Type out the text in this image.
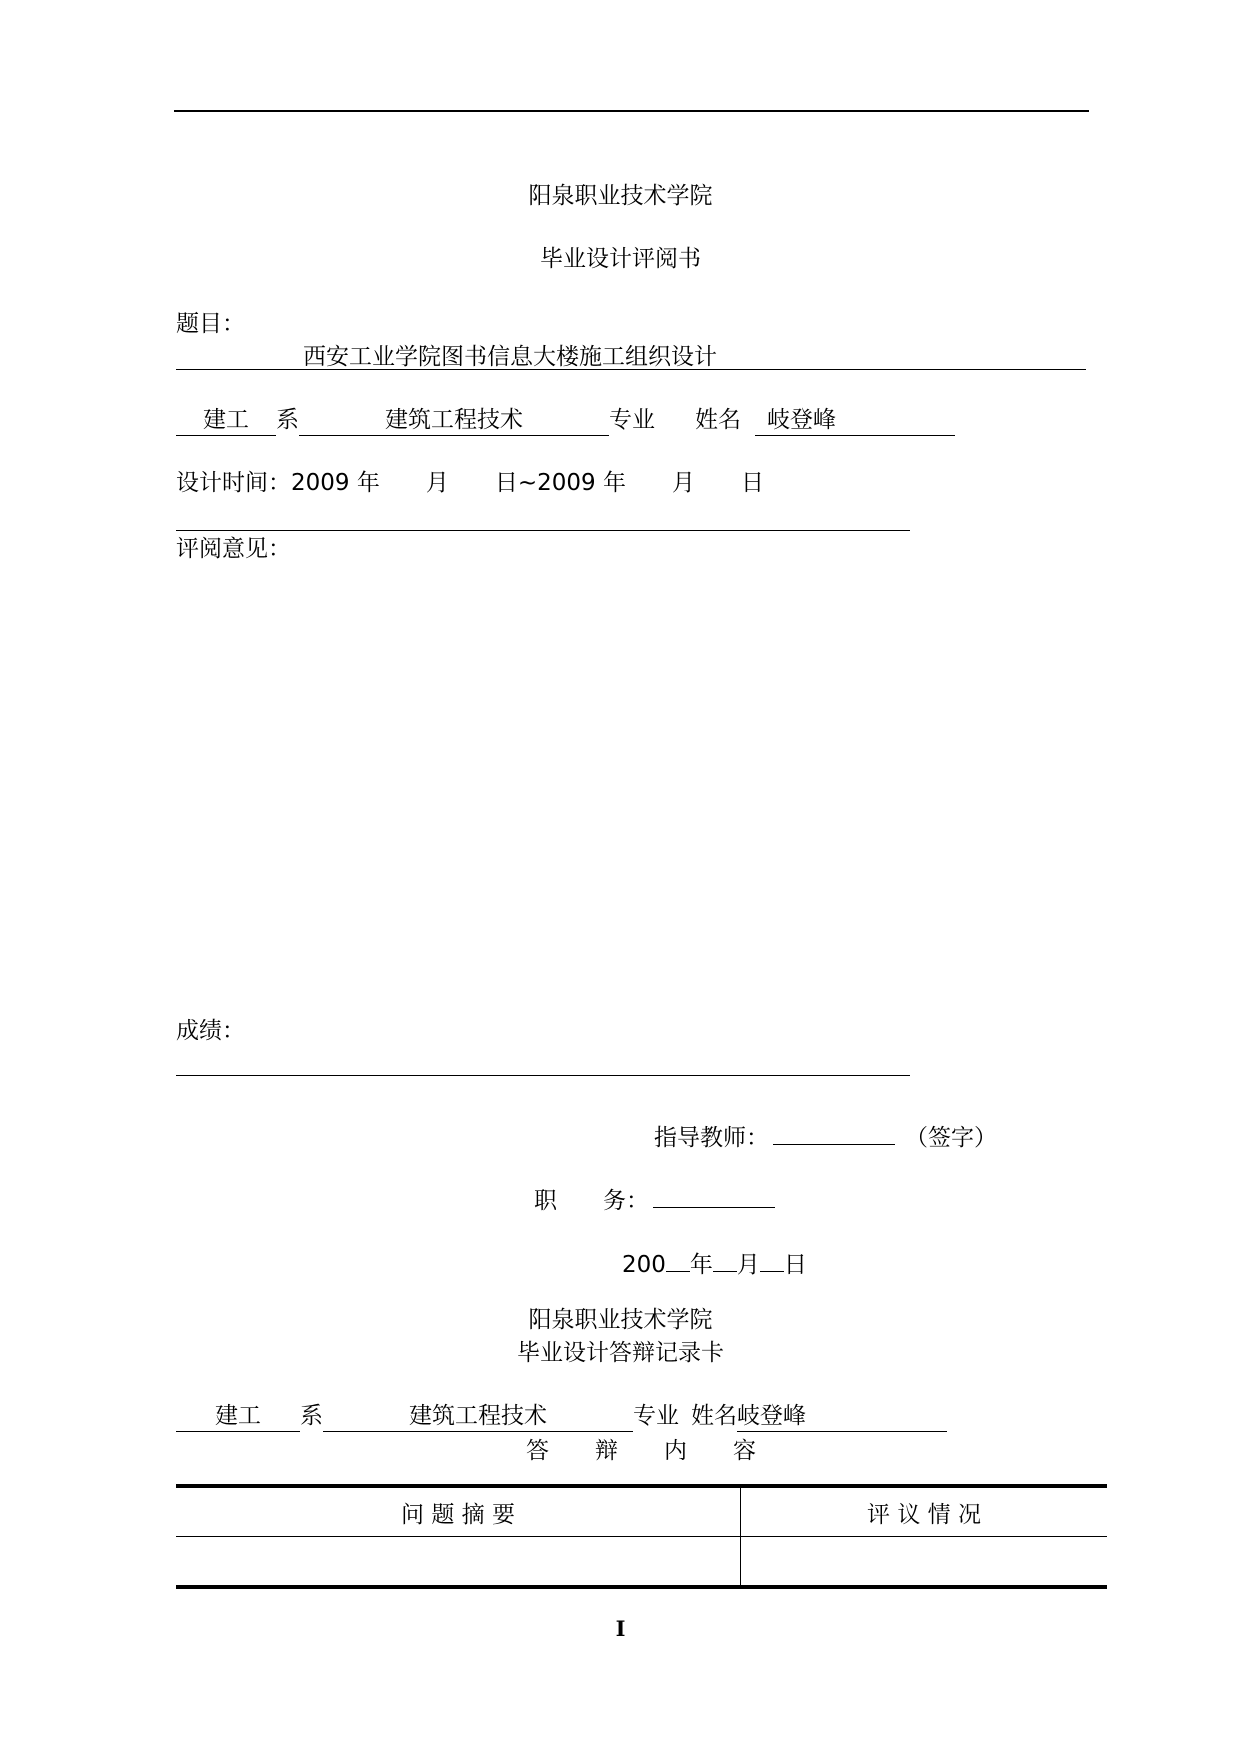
阳泉职业技术学院
毕业设计评阅书
题目：
西安工业学院图书信息大楼施工组织设计
建工 系	建筑工程技术	专业 姓名 岐登峰
设计时间：2009 年　　月　　日~2009 年　　月　　日
评阅意见：
成绩：
指导教师：	（签字）
职　　务：
200 年 月 日
阳泉职业技术学院
毕业设计答辩记录卡
建工 系	建筑工程技术	专业 姓名岐登峰
答　　辩　　内　　容
问 题 摘 要	评 议 情 况

I
